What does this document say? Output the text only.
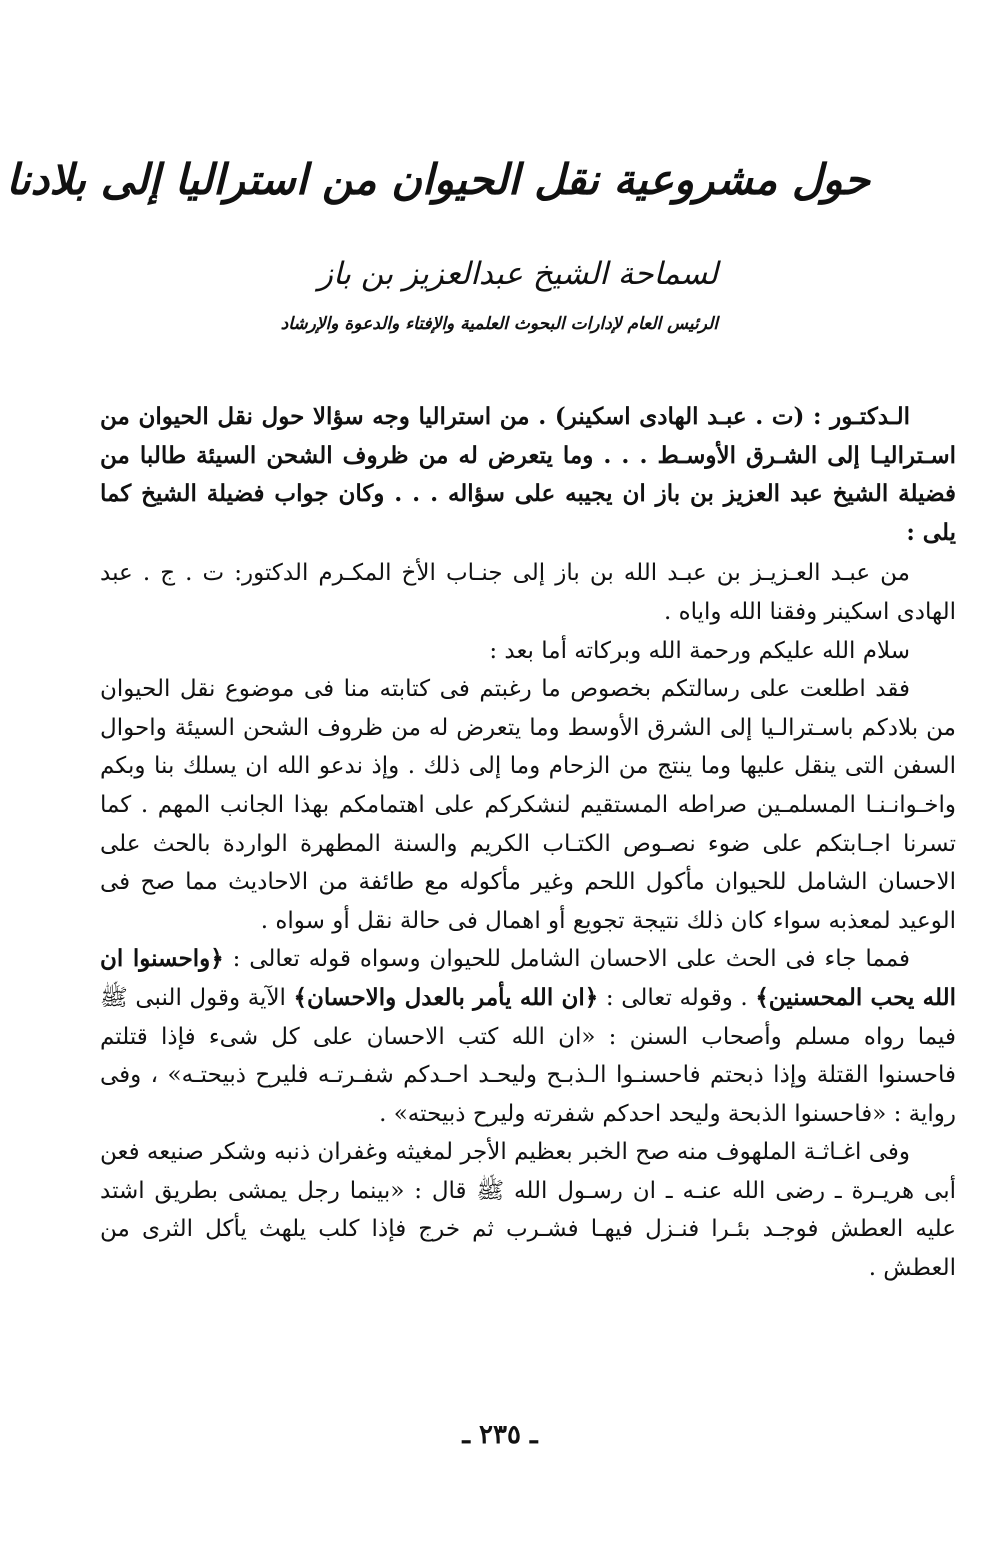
حول مشروعية نقل الحيوان من استراليا إلى بلادنا
لسماحة الشيخ عبدالعزيز بن باز
الرئيس العام لإدارات البحوث العلمية والإفتاء والدعوة والإرشاد

الـدكتـور : (ت . عبـد الهادى اسكينر) . من استراليا وجه سؤالا حول نقل الحيوان من اسـتراليـا إلى الشـرق الأوسـط . . . وما يتعرض له من ظروف الشحن السيئة طالبا من فضيلة الشيخ عبد العزيز بن باز ان يجيبه على سؤاله . . . وكان جواب فضيلة الشيخ كما يلى :

من عبـد العـزيـز بن عبـد الله بن باز إلى جنـاب الأخ المكـرم الدكتور: ت . ج . عبد الهادى اسكينر وفقنا الله واياه .

سلام الله عليكم ورحمة الله وبركاته أما بعد :

فقد اطلعت على رسالتكم بخصوص ما رغبتم فى كتابته منا فى موضوع نقل الحيوان من بلادكم باسـترالـيا إلى الشرق الأوسط وما يتعرض له من ظروف الشحن السيئة واحوال السفن التى ينقل عليها وما ينتج من الزحام وما إلى ذلك . وإذ ندعو الله ان يسلك بنا وبكم واخـوانـنـا المسلمـين صراطه المستقيم لنشكركم على اهتمامكم بهذا الجانب المهم . كما تسرنا اجـابتكم على ضوء نصـوص الكتـاب الكريم والسنة المطهرة الواردة بالحث على الاحسان الشامل للحيوان مأكول اللحم وغير مأكوله مع طائفة من الاحاديث مما صح فى الوعيد لمعذبه سواء كان ذلك نتيجة تجويع أو اهمال فى حالة نقل أو سواه .

فمما جاء فى الحث على الاحسان الشامل للحيوان وسواه قوله تعالى : ﴿واحسنوا ان الله يحب المحسنين﴾ . وقوله تعالى : ﴿ان الله يأمر بالعدل والاحسان﴾ الآية وقول النبى ﷺ فيما رواه مسلم وأصحاب السنن : «ان الله كتب الاحسان على كل شىء فإذا قتلتم فاحسنوا القتلة وإذا ذبحتم فاحسنـوا الـذبـح وليحـد احـدكم شفـرتـه فليرح ذبيحتـه» ، وفى رواية : «فاحسنوا الذبحة وليحد احدكم شفرته وليرح ذبيحته» .

وفى اغـاثـة الملهوف منه صح الخبر بعظيم الأجر لمغيثه وغفران ذنبه وشكر صنيعه فعن أبى هريـرة ـ رضى الله عنـه ـ ان رسـول الله ﷺ قال : «بينما رجل يمشى بطريق اشتد عليه العطش فوجـد بئـرا فنـزل فيهـا فشـرب ثم خرج فإذا كلب يلهث يأكل الثرى من العطش .

ـ ٢٣٥ ـ
